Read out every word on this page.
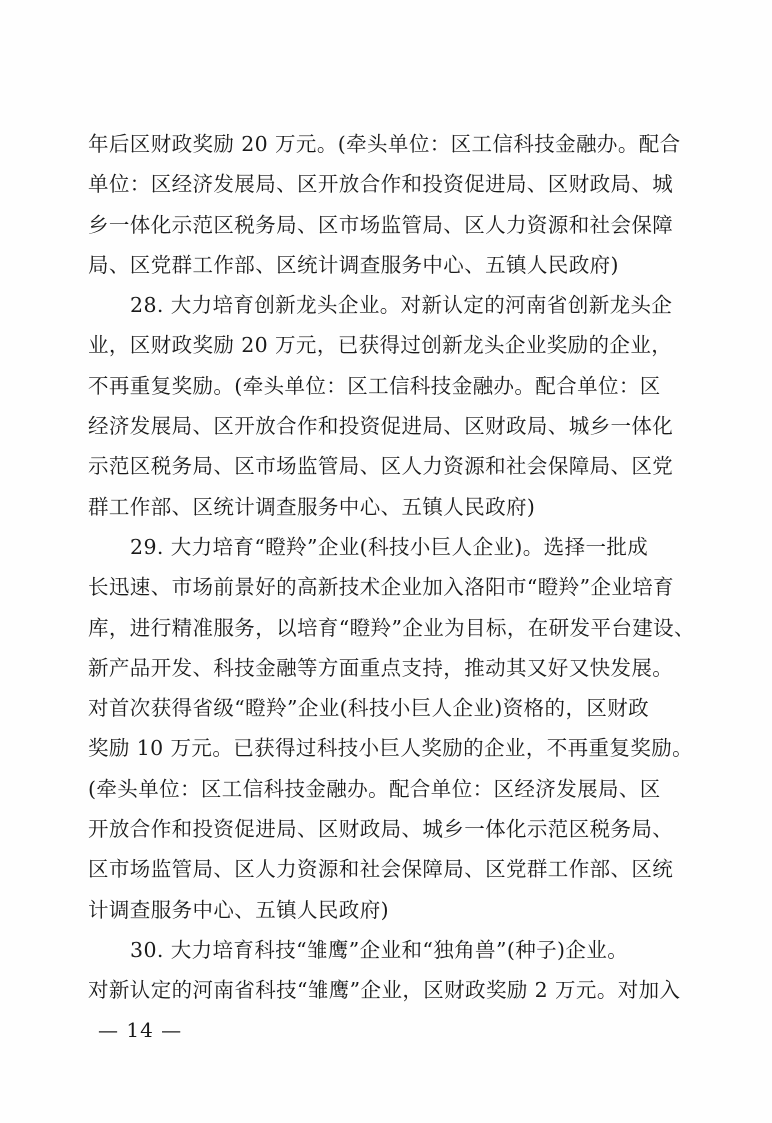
年后区财政奖励 20 万元。(牵头单位：区工信科技金融办。配合
单位：区经济发展局、区开放合作和投资促进局、区财政局、城
乡一体化示范区税务局、区市场监管局、区人力资源和社会保障
局、区党群工作部、区统计调查服务中心、五镇人民政府)
28. 大力培育创新龙头企业。对新认定的河南省创新龙头企
业，区财政奖励 20 万元，已获得过创新龙头企业奖励的企业，
不再重复奖励。(牵头单位：区工信科技金融办。配合单位：区
经济发展局、区开放合作和投资促进局、区财政局、城乡一体化
示范区税务局、区市场监管局、区人力资源和社会保障局、区党
群工作部、区统计调查服务中心、五镇人民政府)
29. 大力培育“瞪羚”企业(科技小巨人企业)。选择一批成
长迅速、市场前景好的高新技术企业加入洛阳市“瞪羚”企业培育
库，进行精准服务，以培育“瞪羚”企业为目标，在研发平台建设、
新产品开发、科技金融等方面重点支持，推动其又好又快发展。
对首次获得省级“瞪羚”企业(科技小巨人企业)资格的，区财政
奖励 10 万元。已获得过科技小巨人奖励的企业，不再重复奖励。
(牵头单位：区工信科技金融办。配合单位：区经济发展局、区
开放合作和投资促进局、区财政局、城乡一体化示范区税务局、
区市场监管局、区人力资源和社会保障局、区党群工作部、区统
计调查服务中心、五镇人民政府)
30. 大力培育科技“雏鹰”企业和“独角兽”(种子)企业。
对新认定的河南省科技“雏鹰”企业，区财政奖励 2 万元。对加入
— 14 —
